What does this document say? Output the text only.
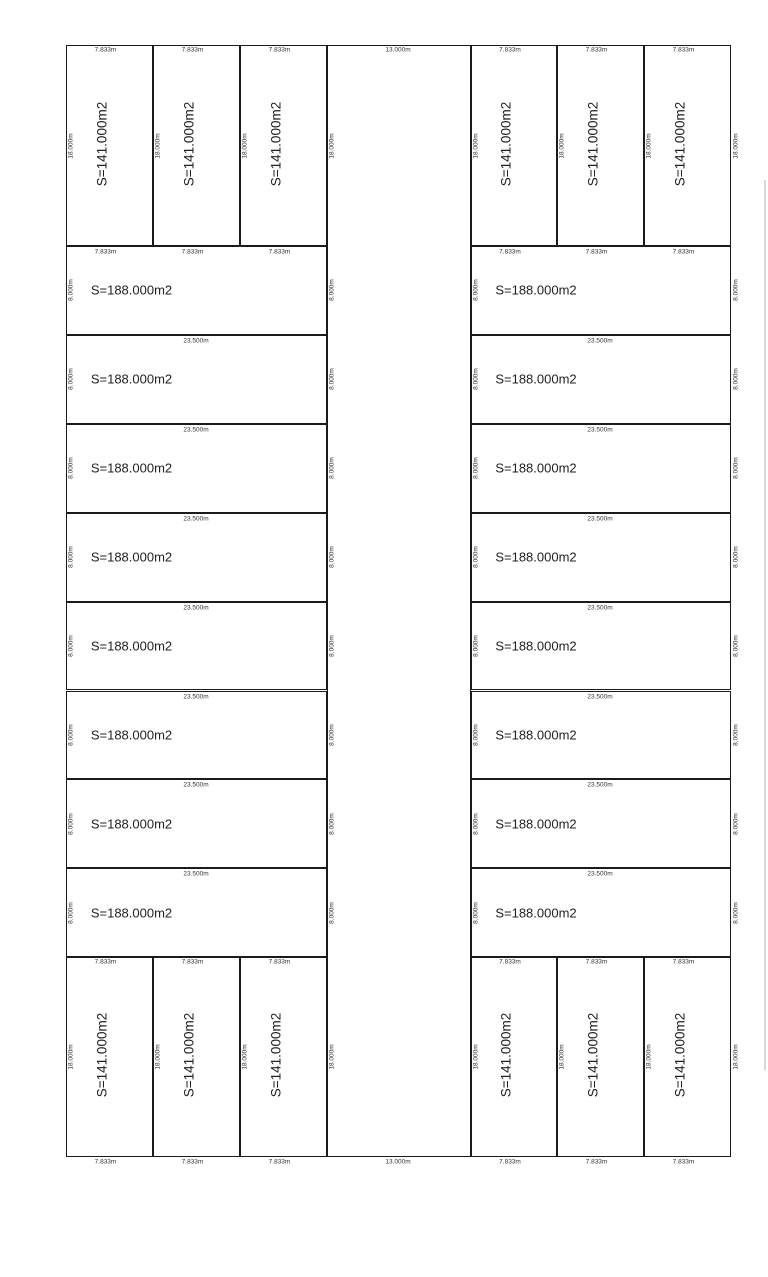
S=141.000m2	S=141.000m2	S=141.000m2	S=141.000m2	S=141.000m2	S=141.000m2
S=141.000m2	S=141.000m2	S=141.000m2	S=141.000m2	S=141.000m2	S=141.000m2
S=188.000m2	S=188.000m2
S=188.000m2	S=188.000m2
S=188.000m2	S=188.000m2
S=188.000m2	S=188.000m2
S=188.000m2	S=188.000m2
S=188.000m2	S=188.000m2
S=188.000m2	S=188.000m2
S=188.000m2	S=188.000m2
7.833m	7.833m	7.833m	7.833m	7.833m	7.833m
7.833m	7.833m	7.833m	7.833m	7.833m	7.833m
7.833m	7.833m	7.833m	7.833m	7.833m	7.833m
7.833m	7.833m	7.833m	7.833m	7.833m	7.833m
13.000m
13.000m
18.000m	18.000m	18.000m	18.000m	18.000m	18.000m	18.000m	18.000m
18.000m	18.000m	18.000m	18.000m	18.000m	18.000m	18.000m	18.000m
8.000m	8.000m	8.000m	8.000m
8.000m	8.000m	8.000m	8.000m
23.500m	23.500m
8.000m	8.000m	8.000m	8.000m
23.500m	23.500m
8.000m	8.000m	8.000m	8.000m
23.500m	23.500m
8.000m	8.000m	8.000m	8.000m
23.500m	23.500m
8.000m	8.000m	8.000m	8.000m
23.500m	23.500m
8.000m	8.000m	8.000m	8.000m
23.500m	23.500m
8.000m	8.000m	8.000m	8.000m
23.500m	23.500m
